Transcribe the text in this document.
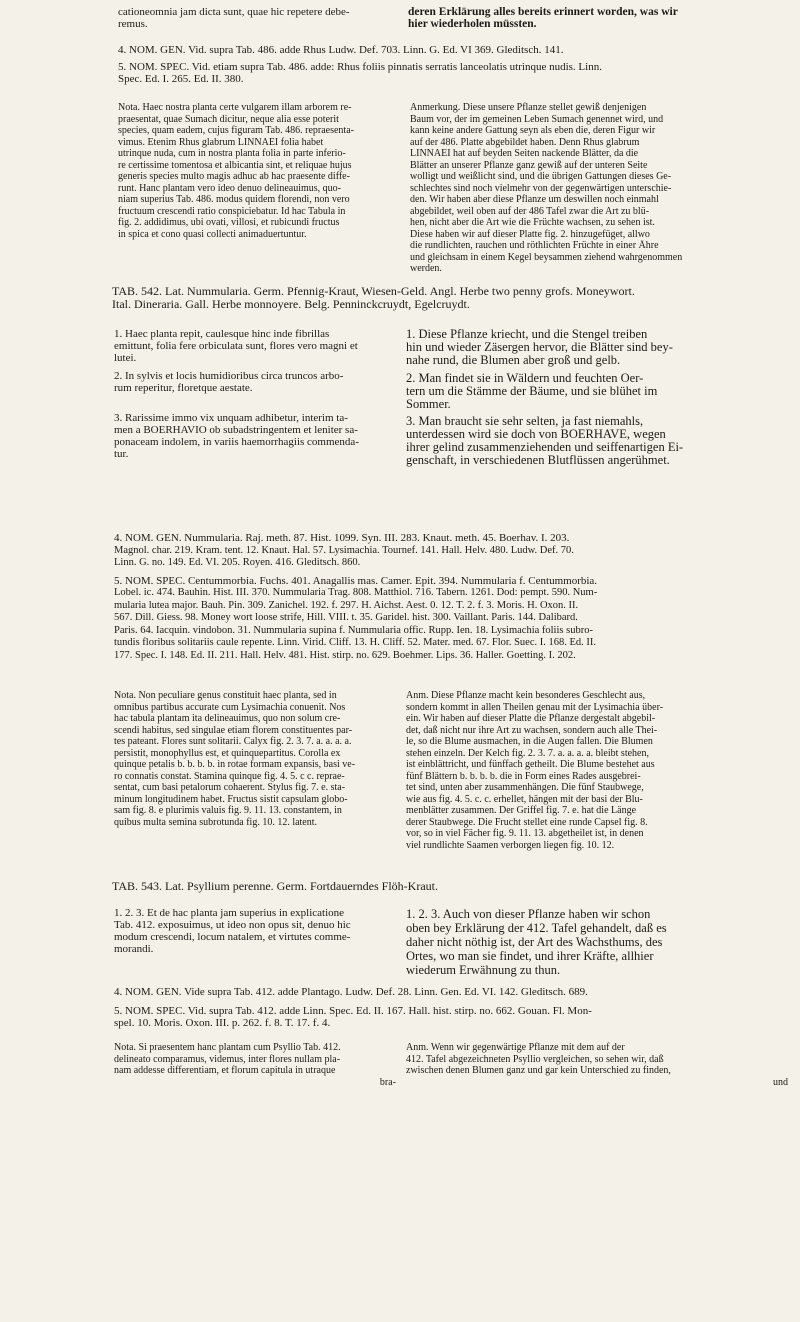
cationeomnia jam dicta sunt, quae hic repetere debe-
remus.
deren Erklärung alles bereits erinnert worden, was wir
hier wiederholen müssten.
4. NOM. GEN. Vid. supra Tab. 486. adde Rhus Ludw. Def. 703. Linn. G. Ed. VI 369. Gleditsch. 141.
5. NOM. SPEC. Vid. etiam supra Tab. 486. adde: Rhus foliis pinnatis serratis lanceolatis utrinque nudis. Linn.
Spec. Ed. I. 265. Ed. II. 380.
Nota. Haec nostra planta certe vulgarem illam arborem re-
praesentat, quae Sumach dicitur, neque alia esse poterit
species, quam eadem, cujus figuram Tab. 486. repraesenta-
vimus. Etenim Rhus glabrum LINNAEI folia habet
utrinque nuda, cum in nostra planta folia in parte inferio-
re certissime tomentosa et albicantia sint, et reliquae hujus
generis species multo magis adhuc ab hac praesente diffe-
runt. Hanc plantam vero ideo denuo delineauimus, quo-
niam superius Tab. 486. modus quidem florendi, non vero
fructuum crescendi ratio conspiciebatur. Id hac Tabula in
fig. 2. addidimus, ubi ovati, villosi, et rubicundi fructus
in spica et cono quasi collecti animaduertuntur.
Anmerkung. Diese unsere Pflanze stellet gewiß denjenigen
Baum vor, der im gemeinen Leben Sumach genennet wird, und
kann keine andere Gattung seyn als eben die, deren Figur wir
auf der 486. Platte abgebildet haben. Denn Rhus glabrum
LINNAEI hat auf beyden Seiten nackende Blätter, da die
Blätter an unserer Pflanze ganz gewiß auf der unteren Seite
wolligt und weißlicht sind, und die übrigen Gattungen dieses Ge-
schlechtes sind noch vielmehr von der gegenwärtigen unterschie-
den. Wir haben aber diese Pflanze um deswillen noch einmahl
abgebildet, weil oben auf der 486 Tafel zwar die Art zu blü-
hen, nicht aber die Art wie die Früchte wachsen, zu sehen ist.
Diese haben wir auf dieser Platte fig. 2. hinzugefüget, allwo
die rundlichten, rauchen und röthlichten Früchte in einer Ähre
und gleichsam in einem Kegel beysammen ziehend wahrgenommen
werden.
TAB. 542. Lat. Nummularia. Germ. Pfennig-Kraut, Wiesen-Geld. Angl. Herbe two penny grofs. Moneywort.
Ital. Dineraria. Gall. Herbe monnoyere. Belg. Penninckcruydt, Egelcruydt.
1. Haec planta repit, caulesque hinc inde fibrillas
emittunt, folia fere orbiculata sunt, flores vero magni et
lutei.
2. In sylvis et locis humidioribus circa truncos arbo-
rum reperitur, floretque aestate.
3. Rarissime immo vix unquam adhibetur, interim ta-
men a BOERHAVIO ob subadstringentem et leniter sa-
ponaceam indolem, in variis haemorrhagiis commenda-
tur.
1. Diese Pflanze kriecht, und die Stengel treiben
hin und wieder Zäsergen hervor, die Blätter sind bey-
nahe rund, die Blumen aber groß und gelb.
2. Man findet sie in Wäldern und feuchten Oer-
tern um die Stämme der Bäume, und sie blühet im
Sommer.
3. Man braucht sie sehr selten, ja fast niemahls,
unterdessen wird sie doch von BOERHAVE, wegen
ihrer gelind zusammenziehenden und seiffenartigen Ei-
genschaft, in verschiedenen Blutflüssen angerühmet.
4. NOM. GEN. Nummularia. Raj. meth. 87. Hist. 1099. Syn. III. 283. Knaut. meth. 45. Boerhav. I. 203.
Magnol. char. 219. Kram. tent. 12. Knaut. Hal. 57. Lysimachia. Tournef. 141. Hall. Helv. 480. Ludw. Def. 70.
Linn. G. no. 149. Ed. VI. 205. Royen. 416. Gleditsch. 860.
5. NOM. SPEC. Centummorbia. Fuchs. 401. Anagallis mas. Camer. Epit. 394. Nummularia f. Centummorbia.
Lobel. ic. 474. Bauhin. Hist. III. 370. Nummularia Trag. 808. Matthiol. 716. Tabern. 1261. Dod: pempt. 590. Num-
mularia lutea major. Bauh. Pin. 309. Zanichel. 192. f. 297. H. Aichst. Aest. 0. 12. T. 2. f. 3. Moris. H. Oxon. II.
567. Dill. Giess. 98. Money wort loose strife, Hill. VIII. t. 35. Garidel. hist. 300. Vaillant. Paris. 144. Dalibard.
Paris. 64. Iacquin. vindobon. 31. Nummularia supina f. Nummularia offic. Rupp. Ien. 18. Lysimachia foliis subro-
tundis floribus solitariis caule repente. Linn. Virid. Cliff. 13. H. Cliff. 52. Mater. med. 67. Flor. Suec. I. 168. Ed. II.
177. Spec. I. 148. Ed. II. 211. Hall. Helv. 481. Hist. stirp. no. 629. Boehmer. Lips. 36. Haller. Goetting. I. 202.
Nota. Non peculiare genus constituit haec planta, sed in
omnibus partibus accurate cum Lysimachia conuenit. Nos
hac tabula plantam ita delineauimus, quo non solum cre-
scendi habitus, sed singulae etiam florem constituentes par-
tes pateant. Flores sunt solitarii. Calyx fig. 2. 3. 7. a. a. a. a.
persistit, monophyllus est, et quinquepartitus. Corolla ex
quinque petalis b. b. b. b. in rotae formam expansis, basi ve-
ro connatis constat. Stamina quinque fig. 4. 5. c c. reprae-
sentat, cum basi petalorum cohaerent. Stylus fig. 7. e. sta-
minum longitudinem habet. Fructus sistit capsulam globo-
sam fig. 8. e plurimis valuis fig. 9. 11. 13. constantem, in
quibus multa semina subrotunda fig. 10. 12. latent.
Anm. Diese Pflanze macht kein besonderes Geschlecht aus,
sondern kommt in allen Theilen genau mit der Lysimachia über-
ein. Wir haben auf dieser Platte die Pflanze dergestalt abgebil-
det, daß nicht nur ihre Art zu wachsen, sondern auch alle Thei-
le, so die Blume ausmachen, in die Augen fallen. Die Blumen
stehen einzeln. Der Kelch fig. 2. 3. 7. a. a. a. a. bleibt stehen,
ist einblättricht, und fünffach getheilt. Die Blume bestehet aus
fünf Blättern b. b. b. b. die in Form eines Rades ausgebrei-
tet sind, unten aber zusammenhängen. Die fünf Staubwege,
wie aus fig. 4. 5. c. c. erhellet, hängen mit der basi der Blu-
menblätter zusammen. Der Griffel fig. 7. e. hat die Länge
derer Staubwege. Die Frucht stellet eine runde Capsel fig. 8.
vor, so in viel Fächer fig. 9. 11. 13. abgetheilet ist, in denen
viel rundlichte Saamen verborgen liegen fig. 10. 12.
TAB. 543. Lat. Psyllium perenne. Germ. Fortdauerndes Flöh-Kraut.
1. 2. 3. Et de hac planta jam superius in explicatione
Tab. 412. exposuimus, ut ideo non opus sit, denuo hic
modum crescendi, locum natalem, et virtutes comme-
morandi.
1. 2. 3. Auch von dieser Pflanze haben wir schon
oben bey Erklärung der 412. Tafel gehandelt, daß es
daher nicht nöthig ist, der Art des Wachsthums, des
Ortes, wo man sie findet, und ihrer Kräfte, allhier
wiederum Erwähnung zu thun.
4. NOM. GEN. Vide supra Tab. 412. adde Plantago. Ludw. Def. 28. Linn. Gen. Ed. VI. 142. Gleditsch. 689.
5. NOM. SPEC. Vid. supra Tab. 412. adde Linn. Spec. Ed. II. 167. Hall. hist. stirp. no. 662. Gouan. Fl. Mon-
spel. 10. Moris. Oxon. III. p. 262. f. 8. T. 17. f. 4.
Nota. Si praesentem hanc plantam cum Psyllio Tab. 412.
delineato comparamus, videmus, inter flores nullam pla-
nam addesse differentiam, et florum capitula in utraque
bra-
Anm. Wenn wir gegenwärtige Pflanze mit dem auf der
412. Tafel abgezeichneten Psyllio vergleichen, so sehen wir, daß
zwischen denen Blumen ganz und gar kein Unterschied zu finden,
und
